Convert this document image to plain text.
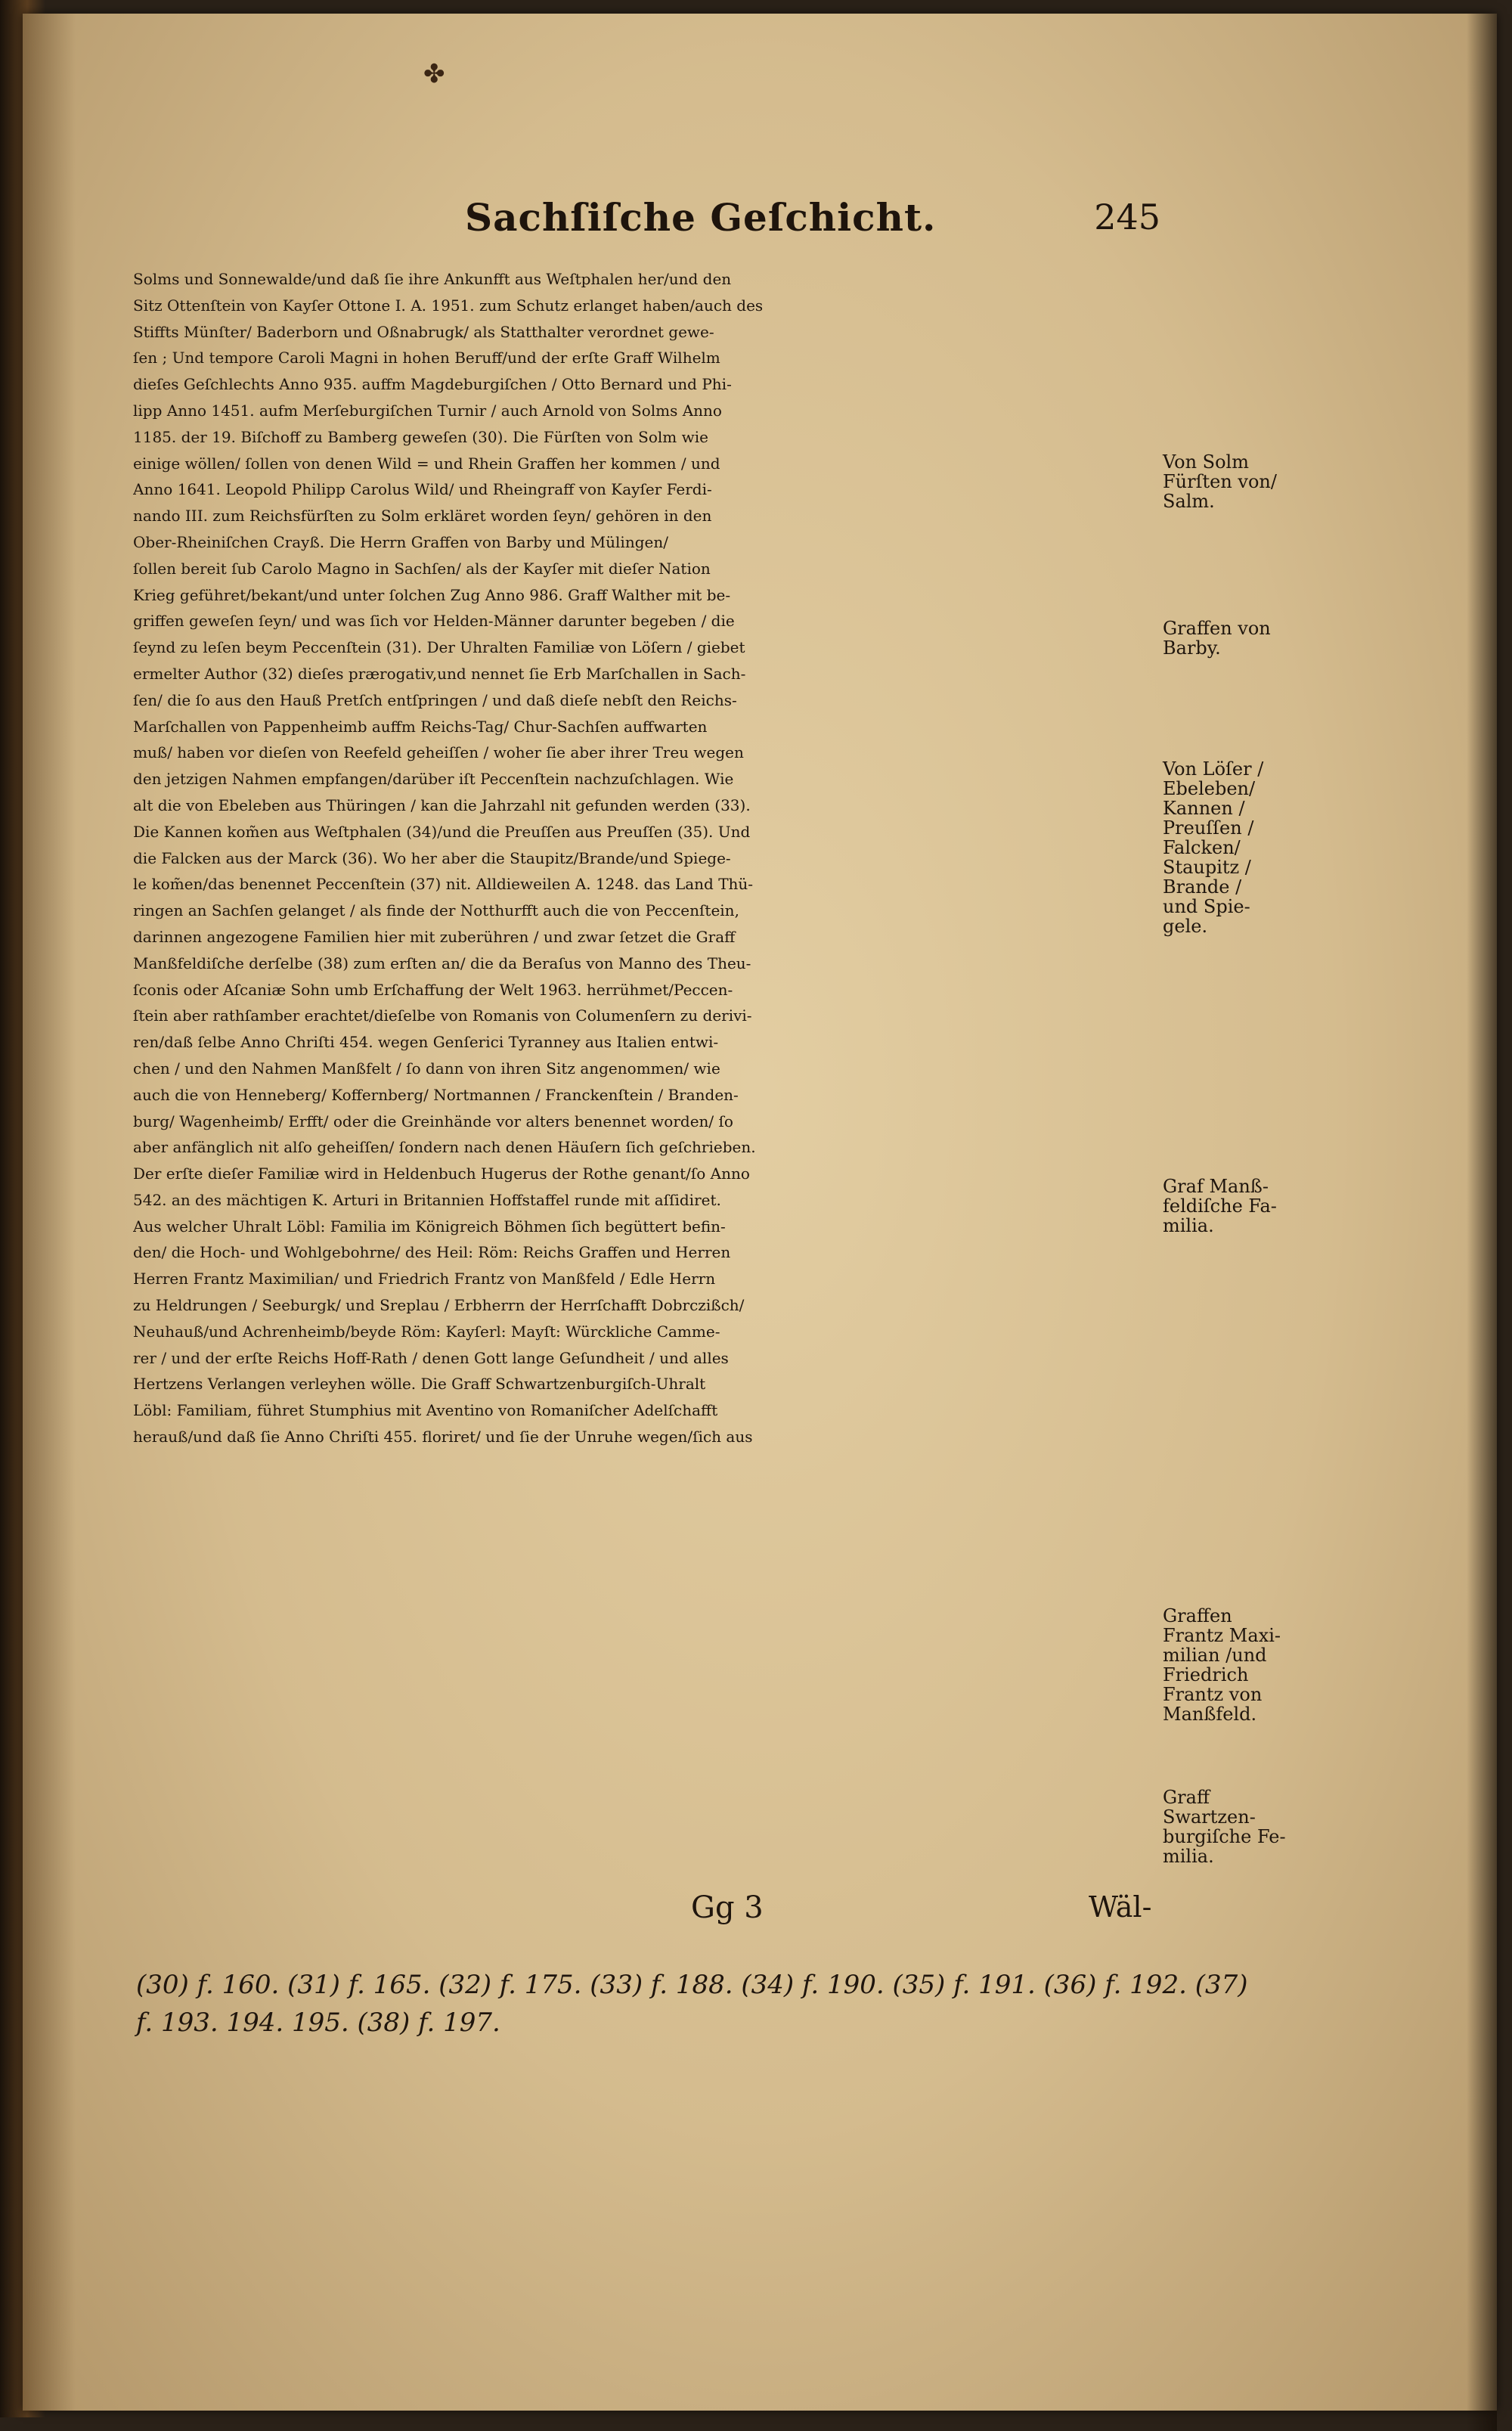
✤
Sachſiſche Geſchicht.	245
Solms und Sonnewalde/und daß ſie ihre Ankunfft aus Weſtphalen her/und den
Sitz Ottenſtein von Kayſer Ottone I. A. 1951. zum Schutz erlanget haben/auch des
Stiffts Münſter/ Baderborn und Oßnabrugk/ als Statthalter verordnet gewe-
ſen ; Und tempore Caroli Magni in hohen Beruff/und der erſte Graff Wilhelm
dieſes Geſchlechts Anno 935. auffm Magdeburgiſchen / Otto Bernard und Phi-
lipp Anno 1451. aufm Merſeburgiſchen Turnir / auch Arnold von Solms Anno
1185. der 19. Biſchoff zu Bamberg geweſen (30). Die Fürſten von Solm wie
einige wöllen/ ſollen von denen Wild = und Rhein Graffen her kommen / und
Anno 1641. Leopold Philipp Carolus Wild/ und Rheingraff von Kayſer Ferdi-
nando III. zum Reichsfürſten zu Solm erkläret worden ſeyn/ gehören in den
Ober-Rheiniſchen Crayß. Die Herrn Graffen von Barby und Mülingen/
ſollen bereit ſub Carolo Magno in Sachſen/ als der Kayſer mit dieſer Nation
Krieg geführet/bekant/und unter ſolchen Zug Anno 986. Graff Walther mit be-
griffen geweſen ſeyn/ und was ſich vor Helden-Männer darunter begeben / die
ſeynd zu leſen beym Peccenſtein (31). Der Uhralten Familiæ von Löſern / giebet
ermelter Author (32) dieſes prærogativ,und nennet ſie Erb Marſchallen in Sach-
ſen/ die ſo aus den Hauß Pretſch entſpringen / und daß dieſe nebſt den Reichs-
Marſchallen von Pappenheimb auffm Reichs-Tag/ Chur-Sachſen auffwarten
muß/ haben vor dieſen von Reefeld geheiſſen / woher ſie aber ihrer Treu wegen
den jetzigen Nahmen empfangen/darüber iſt Peccenſtein nachzuſchlagen. Wie
alt die von Ebeleben aus Thüringen / kan die Jahrzahl nit gefunden werden (33).
Die Kannen kom̃en aus Weſtphalen (34)/und die Preuſſen aus Preuſſen (35). Und
die Falcken aus der Marck (36). Wo her aber die Staupitz/Brande/und Spiege-
le kom̃en/das benennet Peccenſtein (37) nit. Alldieweilen A. 1248. das Land Thü-
ringen an Sachſen gelanget / als finde der Notthurfft auch die von Peccenſtein,
darinnen angezogene Familien hier mit zuberühren / und zwar ſetzet die Graff
Manßfeldiſche derſelbe (38) zum erſten an/ die da Beraſus von Manno des Theu-
ſconis oder Aſcaniæ Sohn umb Erſchaffung der Welt 1963. herrühmet/Peccen-
ſtein aber rathſamber erachtet/dieſelbe von Romanis von Columenſern zu derivi-
ren/daß ſelbe Anno Chriſti 454. wegen Genſerici Tyranney aus Italien entwi-
chen / und den Nahmen Manßfelt / ſo dann von ihren Sitz angenommen/ wie
auch die von Henneberg/ Koffernberg/ Nortmannen / Franckenſtein / Branden-
burg/ Wagenheimb/ Erfft/ oder die Greinhände vor alters benennet worden/ ſo
aber anfänglich nit alſo geheiſſen/ ſondern nach denen Häuſern ſich geſchrieben.
Der erſte dieſer Familiæ wird in Heldenbuch Hugerus der Rothe genant/ſo Anno
542. an des mächtigen K. Arturi in Britannien Hoffstaffel runde mit aſſidiret.
Aus welcher Uhralt Löbl: Familia im Königreich Böhmen ſich begüttert befin-
den/ die Hoch- und Wohlgebohrne/ des Heil: Röm: Reichs Graffen und Herren
Herren Frantz Maximilian/ und Friedrich Frantz von Manßfeld / Edle Herrn
zu Heldrungen / Seeburgk/ und Sreplau / Erbherrn der Herrſchafft Dobrczißch/
Neuhauß/und Achrenheimb/beyde Röm: Kayſerl: Mayſt: Würckliche Camme-
rer / und der erſte Reichs Hoff-Rath / denen Gott lange Geſundheit / und alles
Hertzens Verlangen verleyhen wölle. Die Graff Schwartzenburgiſch-Uhralt
Löbl: Familiam, führet Stumphius mit Aventino von Romaniſcher Adelſchafft
herauß/und daß ſie Anno Chriſti 455. floriret/ und ſie der Unruhe wegen/ſich aus
Von Solm
Fürſten von/
Salm.
Graffen von
Barby.
Von Löſer /
Ebeleben/
Kannen /
Preuſſen /
Falcken/
Staupitz /
Brande /
und Spie-
gele.
Graf Manß-
feldiſche Fa-
milia.
Graffen
Frantz Maxi-
milian /und
Friedrich
Frantz von
Manßfeld.
Graff
Swartzen-
burgiſche Fe-
milia.
Gg 3	Wäl-
(30) f. 160. (31) f. 165. (32) f. 175. (33) f. 188. (34) f. 190. (35) f. 191. (36) f. 192. (37)
f. 193. 194. 195. (38) f. 197.
